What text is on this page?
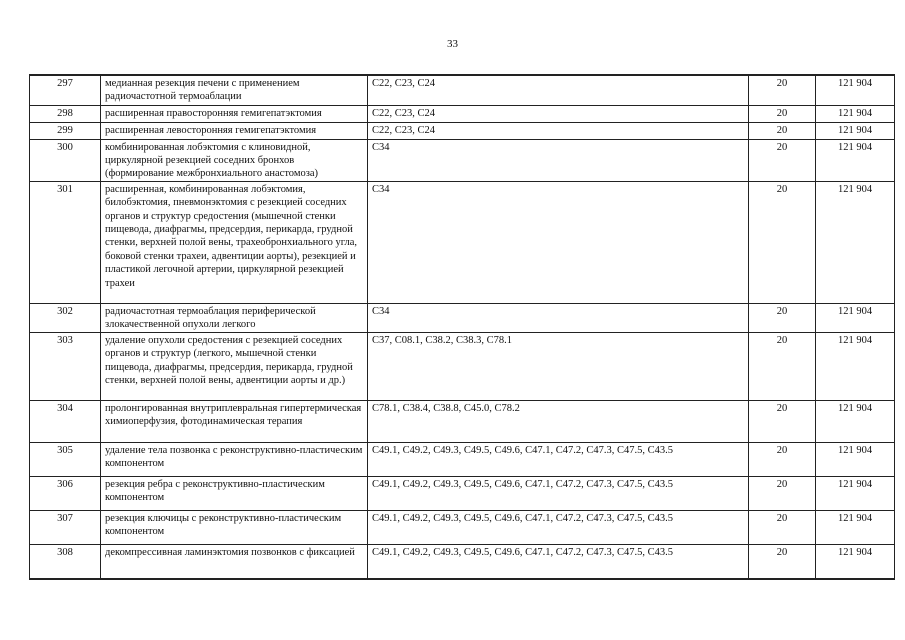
33
297	медианная резекция печени с применением радиочастотной термоаблации	C22, C23, C24	20	121 904
298	расширенная правосторонняя гемигепатэктомия	C22, C23, C24	20	121 904
299	расширенная левосторонняя гемигепатэктомия	C22, C23, C24	20	121 904
300	комбинированная лобэктомия с клиновидной, циркулярной резекцией соседних бронхов (формирование межбронхиального анастомоза)	C34	20	121 904
301	расширенная, комбинированная лобэктомия, билобэктомия, пневмонэктомия с резекцией соседних органов и структур средостения (мышечной стенки пищевода, диафрагмы, предсердия, перикарда, грудной стенки, верхней полой вены, трахеобронхиального угла, боковой стенки трахеи, адвентиции аорты), резекцией и пластикой легочной артерии, циркулярной резекцией трахеи	C34	20	121 904
302	радиочастотная термоаблация периферической злокачественной опухоли легкого	C34	20	121 904
303	удаление опухоли средостения с резекцией соседних органов и структур (легкого, мышечной стенки пищевода, диафрагмы, предсердия, перикарда, грудной стенки, верхней полой вены, адвентиции аорты и др.)	C37, C08.1, C38.2, C38.3, C78.1	20	121 904
304	пролонгированная внутриплевральная гипертермическая химиоперфузия, фотодинамическая терапия	C78.1, C38.4, C38.8, C45.0, C78.2	20	121 904
305	удаление тела позвонка с реконструктивно-пластическим компонентом	C49.1, C49.2, C49.3, C49.5, C49.6, C47.1, C47.2, C47.3, C47.5, C43.5	20	121 904
306	резекция ребра с реконструктивно-пластическим компонентом	C49.1, C49.2, C49.3, C49.5, C49.6, C47.1, C47.2, C47.3, C47.5, C43.5	20	121 904
307	резекция ключицы с реконструктивно-пластическим компонентом	C49.1, C49.2, C49.3, C49.5, C49.6, C47.1, C47.2, C47.3, C47.5, C43.5	20	121 904
308	декомпрессивная ламинэктомия позвонков с фиксацией	C49.1, C49.2, C49.3, C49.5, C49.6, C47.1, C47.2, C47.3, C47.5, C43.5	20	121 904
